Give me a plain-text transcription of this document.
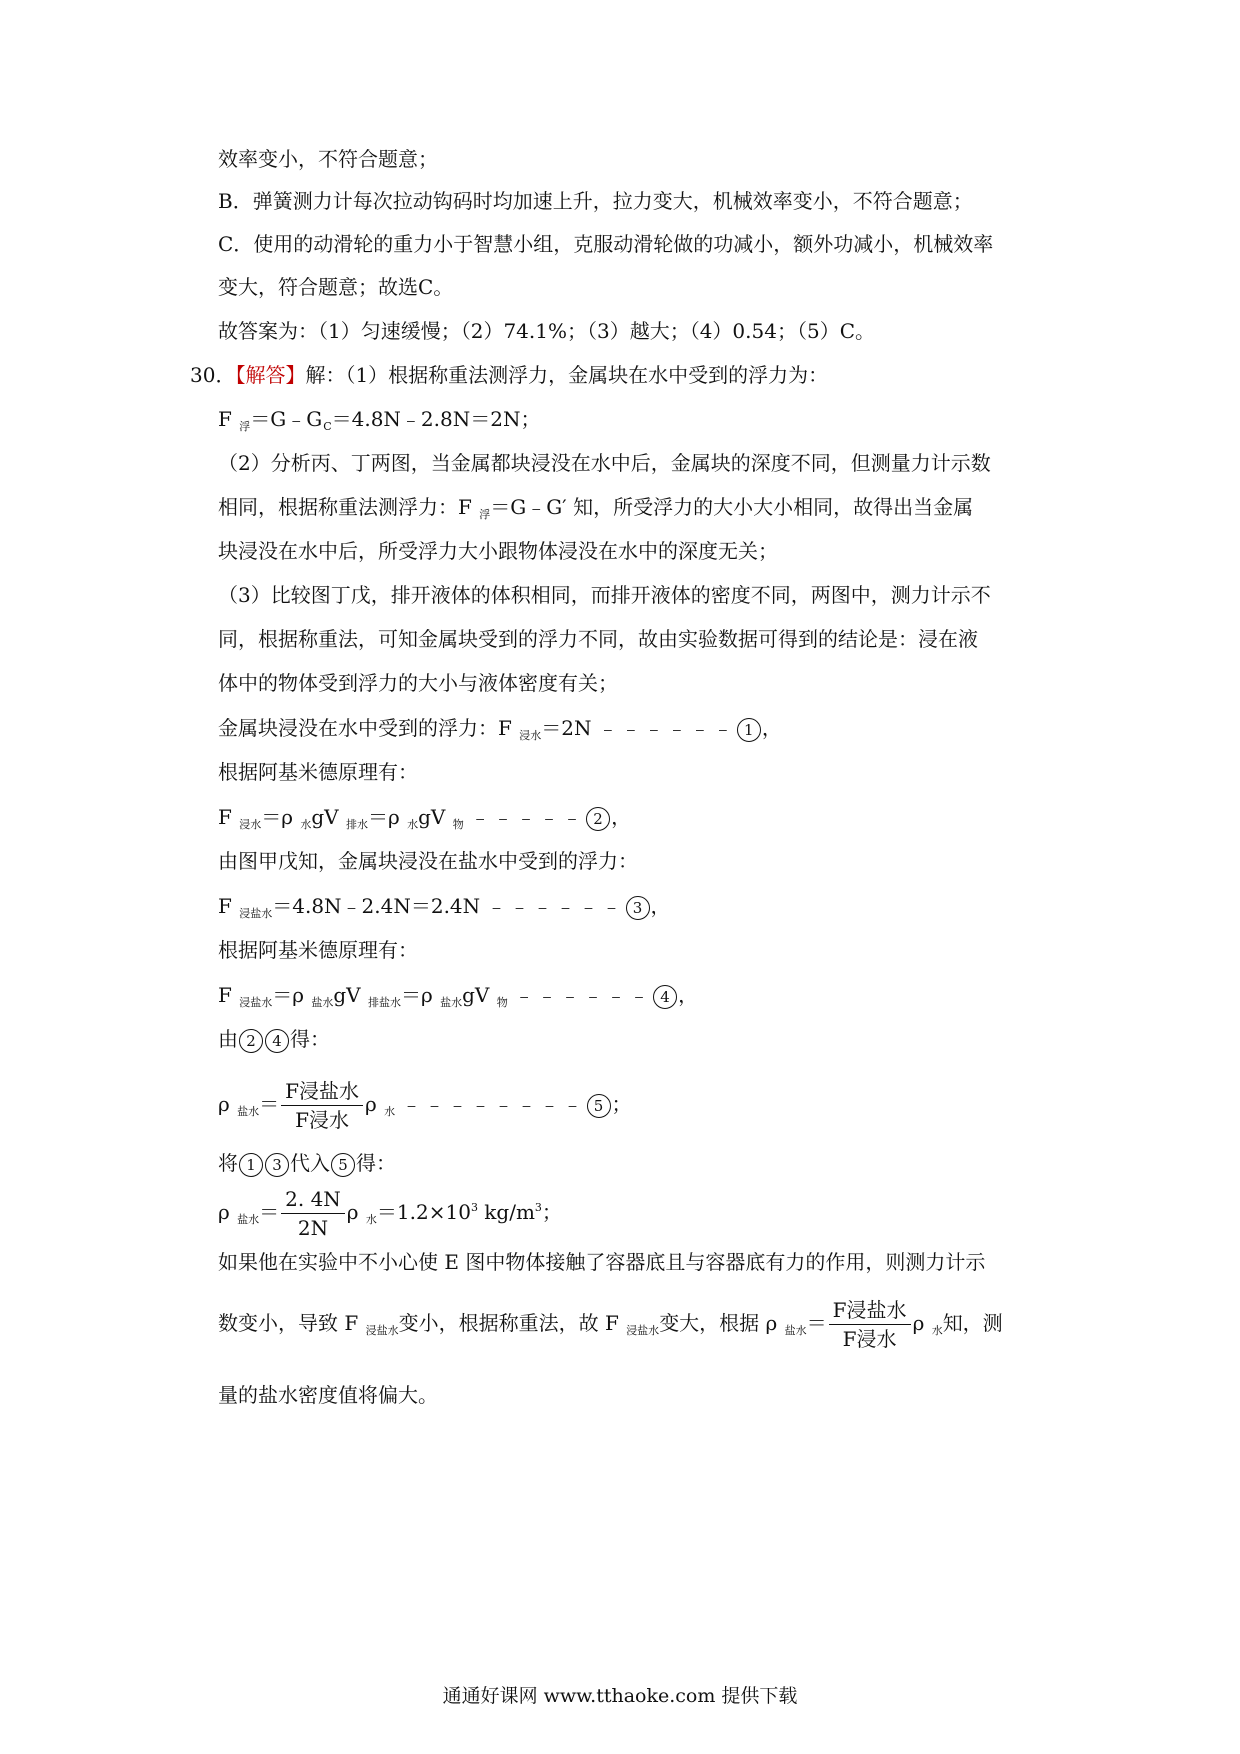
效率变小，不符合题意；
B．弹簧测力计每次拉动钩码时均加速上升，拉力变大，机械效率变小，不符合题意；
C．使用的动滑轮的重力小于智慧小组，克服动滑轮做的功减小，额外功减小，机械效率
变大，符合题意；故选C。
故答案为：（1）匀速缓慢；（2）74.1%；（3）越大；（4）0.54；（5）C。
30．【解答】解：（1）根据称重法测浮力，金属块在水中受到的浮力为：
F $_浮=G﹣G_C=4.8N﹣2.8N=2N$；
（2）分析丙、丁两图，当金属都块浸没在水中后，金属块的深度不同，但测量力计示数
相同，根据称重法测浮力：F $_浮$＝G﹣G′ 知，所受浮力的大小大小相同，故得出当金属
块浸没在水中后，所受浮力大小跟物体浸没在水中的深度无关；
（3）比较图丁戊，排开液体的体积相同，而排开液体的密度不同，两图中，测力计示不
同，根据称重法，可知金属块受到的浮力不同，故由实验数据可得到的结论是：浸在液
体中的物体受到浮力的大小与液体密度有关；
金属块浸没在水中受到的浮力：F $_{浸水}$＝2N ﹣﹣﹣﹣﹣﹣ 1 ，
根据阿基米德原理有：
F $_{浸水}$＝ρ $_水$gV $_{排水}$＝ρ $_水$gV $_物$ ﹣﹣﹣﹣﹣ 2 ，
由图甲戊知，金属块浸没在盐水中受到的浮力：
F $_{浸盐水}$＝4.8N﹣2.4N＝2.4N ﹣﹣﹣﹣﹣﹣ 3 ，
根据阿基米德原理有：
F $_{浸盐水}$＝ρ $_{盐水}$gV $_{排盐水}$＝ρ $_{盐水}$gV $_物$ ﹣﹣﹣﹣﹣﹣ 4 ，
由 2 4 得：
ρ $_{盐水}= \frac{\text{F浸盐水}}{\text{F浸水}}$ ρ $_水$ ﹣﹣﹣﹣﹣﹣﹣﹣ 5 ；
将 1 3 代入 5 得：
ρ $_{盐水}= \frac{2. 4N}{2N}$ ρ $_水=1.2\times 10^3$ $kg/m^3$；
如果他在实验中不小心使 E 图中物体接触了容器底且与容器底有力的作用，则测力计示
数变小，导致 F $_{浸盐水}$变小，根据称重法，故 F $_{浸盐水}$变大，根据 ρ $_{盐水}= \frac{\text{F浸盐水}}{\text{F浸水}}$ ρ $_水$知，测
量的盐水密度值将偏大。
通通好课网 www.tthaoke.com 提供下载
